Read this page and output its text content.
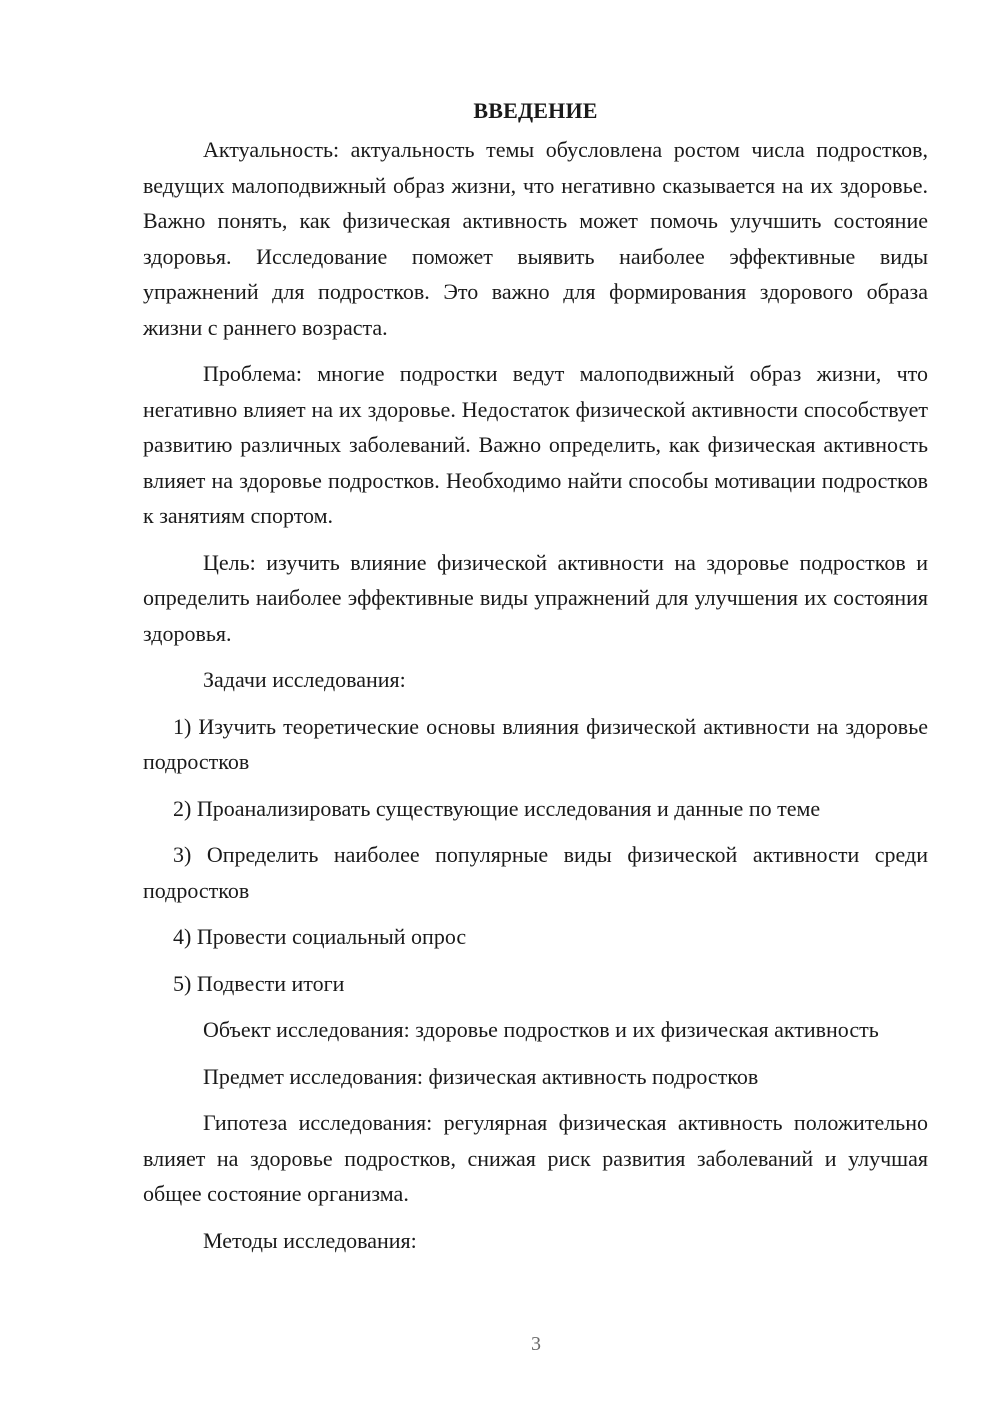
ВВЕДЕНИЕ

Актуальность: актуальность темы обусловлена ростом числа подростков, ведущих малоподвижный образ жизни, что негативно сказывается на их здоровье. Важно понять, как физическая активность может помочь улучшить состояние здоровья. Исследование поможет выявить наиболее эффективные виды упражнений для подростков. Это важно для формирования здорового образа жизни с раннего возраста.

Проблема: многие подростки ведут малоподвижный образ жизни, что негативно влияет на их здоровье. Недостаток физической активности способствует развитию различных заболеваний. Важно определить, как физическая активность влияет на здоровье подростков. Необходимо найти способы мотивации подростков к занятиям спортом.

Цель: изучить влияние физической активности на здоровье подростков и определить наиболее эффективные виды упражнений для улучшения их состояния здоровья.

Задачи исследования:

1) Изучить теоретические основы влияния физической активности на здоровье подростков

2) Проанализировать существующие исследования и данные по теме

3) Определить наиболее популярные виды физической активности среди подростков

4) Провести социальный опрос

5) Подвести итоги

Объект исследования: здоровье подростков и их физическая активность

Предмет исследования: физическая активность подростков

Гипотеза исследования: регулярная физическая активность положительно влияет на здоровье подростков, снижая риск развития заболеваний и улучшая общее состояние организма.

Методы исследования:

3
